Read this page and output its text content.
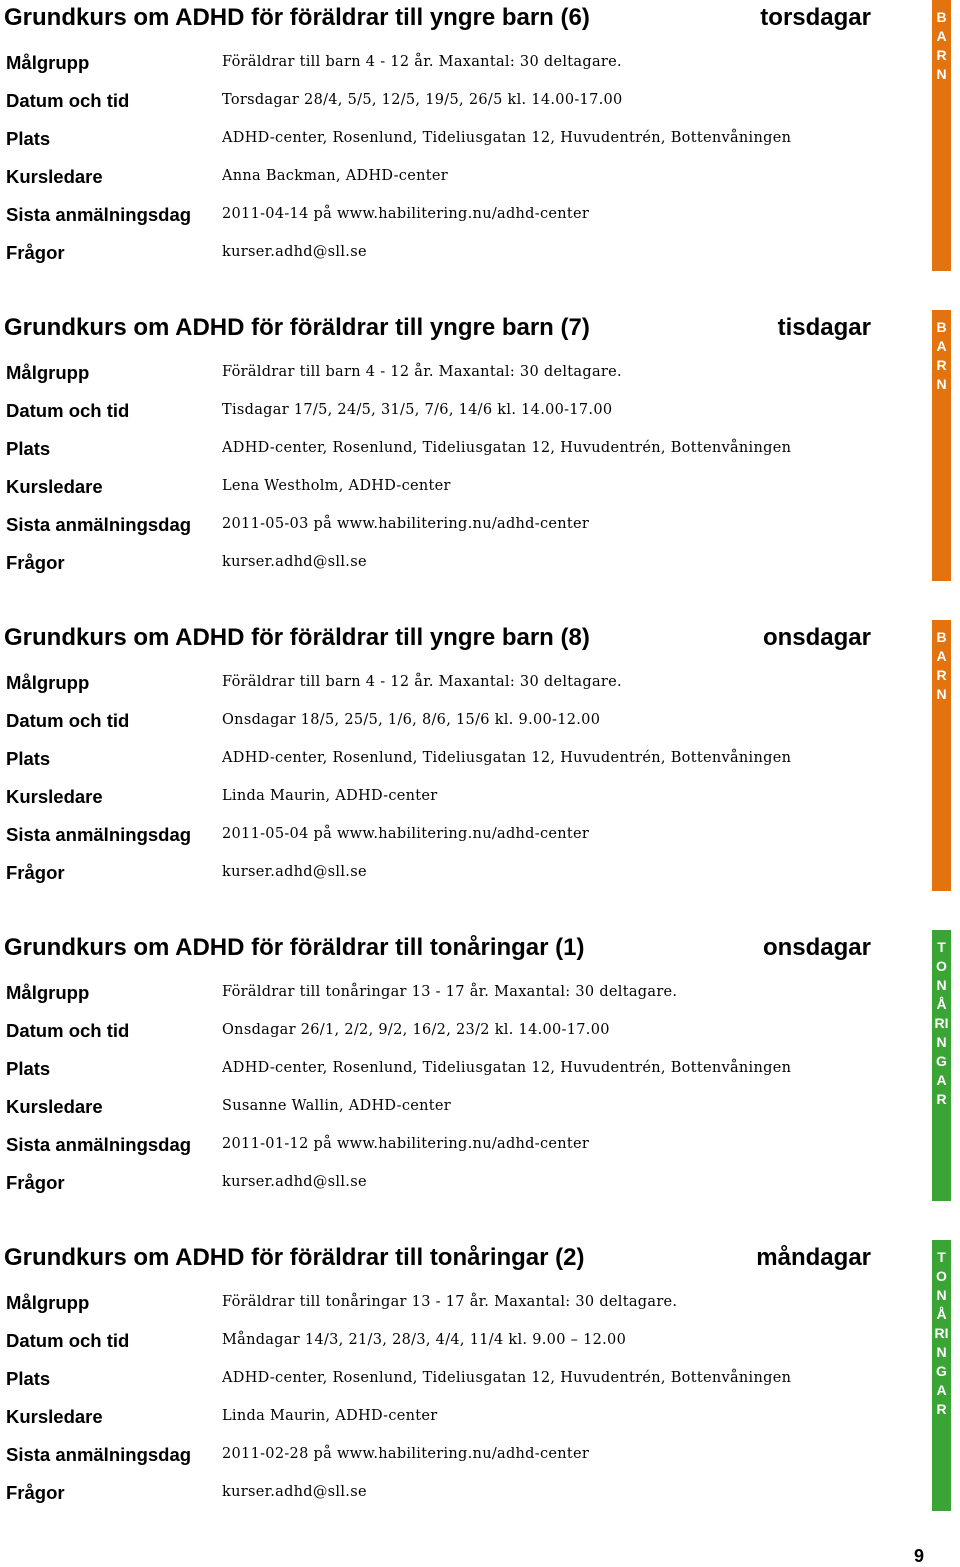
Grundkurs om ADHD för föräldrar till yngre barn (6)	torsdagar	BARN
Målgrupp	Föräldrar till barn 4 - 12 år. Maxantal: 30 deltagare.
Datum och tid	Torsdagar 28/4, 5/5, 12/5, 19/5, 26/5 kl. 14.00-17.00
Plats	ADHD-center, Rosenlund, Tideliusgatan 12, Huvudentrén, Bottenvåningen
Kursledare	Anna Backman, ADHD-center
Sista anmälningsdag 2011-04-14 på www.habilitering.nu/adhd-center
Frågor	kurser.adhd@sll.se
Grundkurs om ADHD för föräldrar till yngre barn (7)	tisdagar	BARN
Målgrupp	Föräldrar till barn 4 - 12 år. Maxantal: 30 deltagare.
Datum och tid	Tisdagar 17/5, 24/5, 31/5, 7/6, 14/6 kl. 14.00-17.00
Plats	ADHD-center, Rosenlund, Tideliusgatan 12, Huvudentrén, Bottenvåningen
Kursledare	Lena Westholm, ADHD-center
Sista anmälningsdag 2011-05-03 på www.habilitering.nu/adhd-center
Frågor	kurser.adhd@sll.se
Grundkurs om ADHD för föräldrar till yngre barn (8)	onsdagar	BARN
Målgrupp	Föräldrar till barn 4 - 12 år. Maxantal: 30 deltagare.
Datum och tid	Onsdagar 18/5, 25/5, 1/6, 8/6, 15/6 kl. 9.00-12.00
Plats	ADHD-center, Rosenlund, Tideliusgatan 12, Huvudentrén, Bottenvåningen
Kursledare	Linda Maurin, ADHD-center
Sista anmälningsdag 2011-05-04 på www.habilitering.nu/adhd-center
Frågor	kurser.adhd@sll.se
Grundkurs om ADHD för föräldrar till tonåringar (1)	onsdagar	TONÅRINGAR
Målgrupp	Föräldrar till tonåringar 13 - 17 år. Maxantal: 30 deltagare.
Datum och tid	Onsdagar 26/1, 2/2, 9/2, 16/2, 23/2 kl. 14.00-17.00
Plats	ADHD-center, Rosenlund, Tideliusgatan 12, Huvudentrén, Bottenvåningen
Kursledare	Susanne Wallin, ADHD-center
Sista anmälningsdag 2011-01-12 på www.habilitering.nu/adhd-center
Frågor	kurser.adhd@sll.se
Grundkurs om ADHD för föräldrar till tonåringar (2)	måndagar	TONÅRINGAR
Målgrupp	Föräldrar till tonåringar 13 - 17 år. Maxantal: 30 deltagare.
Datum och tid	Måndagar 14/3, 21/3, 28/3, 4/4, 11/4 kl. 9.00 – 12.00
Plats	ADHD-center, Rosenlund, Tideliusgatan 12, Huvudentrén, Bottenvåningen
Kursledare	Linda Maurin, ADHD-center
Sista anmälningsdag 2011-02-28 på www.habilitering.nu/adhd-center
Frågor	kurser.adhd@sll.se
9
